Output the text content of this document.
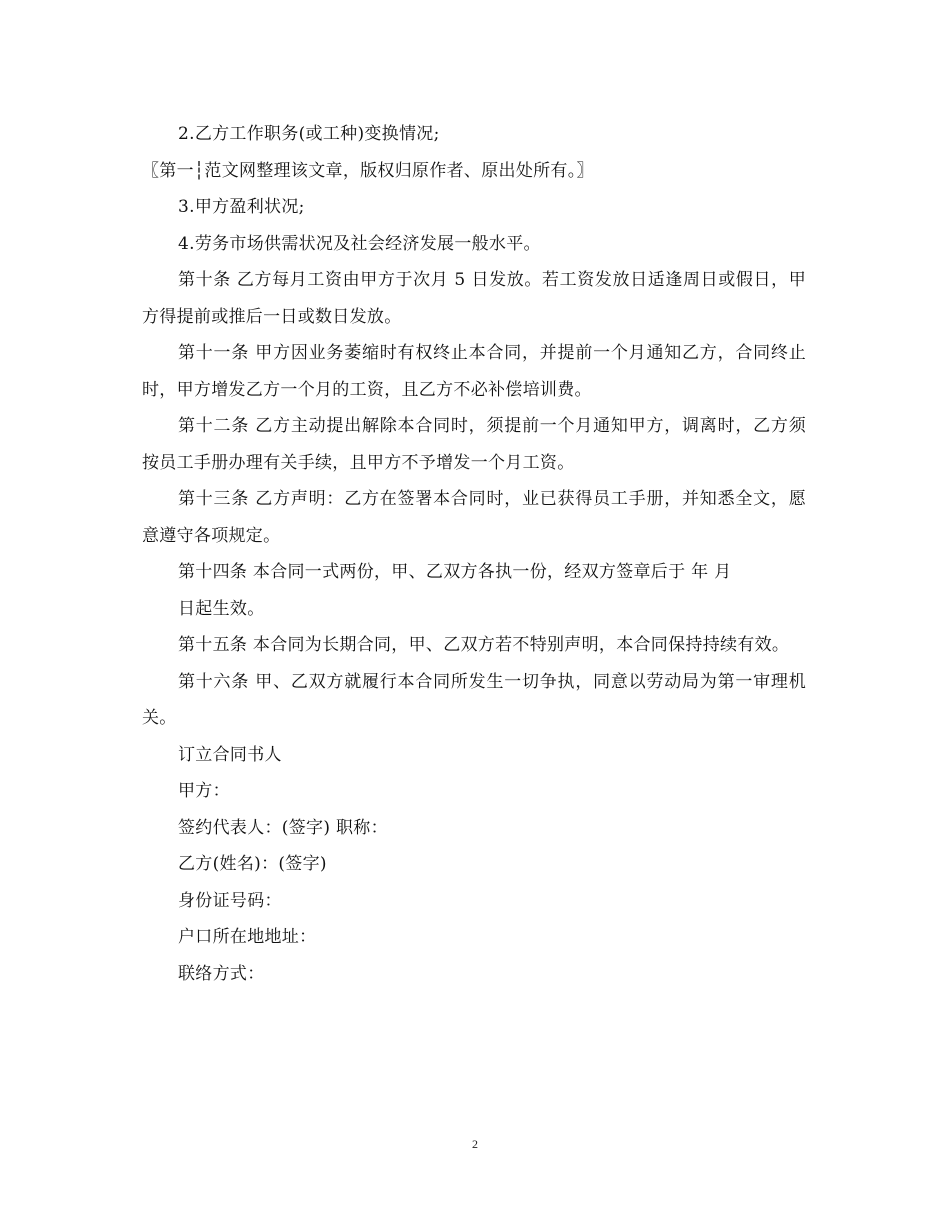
2.乙方工作职务(或工种)变换情况;

〖第一┆范文网整理该文章，版权归原作者、原出处所有。〗

3.甲方盈利状况;

4.劳务市场供需状况及社会经济发展一般水平。

第十条 乙方每月工资由甲方于次月 5 日发放。若工资发放日适逢周日或假日，甲方得提前或推后一日或数日发放。

第十一条 甲方因业务萎缩时有权终止本合同，并提前一个月通知乙方，合同终止时，甲方增发乙方一个月的工资，且乙方不必补偿培训费。

第十二条 乙方主动提出解除本合同时，须提前一个月通知甲方，调离时，乙方须按员工手册办理有关手续，且甲方不予增发一个月工资。

第十三条 乙方声明：乙方在签署本合同时，业已获得员工手册，并知悉全文，愿意遵守各项规定。

第十四条 本合同一式两份，甲、乙双方各执一份，经双方签章后于 年 月

日起生效。

第十五条 本合同为长期合同，甲、乙双方若不特别声明，本合同保持持续有效。

第十六条 甲、乙双方就履行本合同所发生一切争执，同意以劳动局为第一审理机关。

订立合同书人

甲方：

签约代表人：(签字) 职称：

乙方(姓名)：(签字)

身份证号码：

户口所在地地址：

联络方式：

2
